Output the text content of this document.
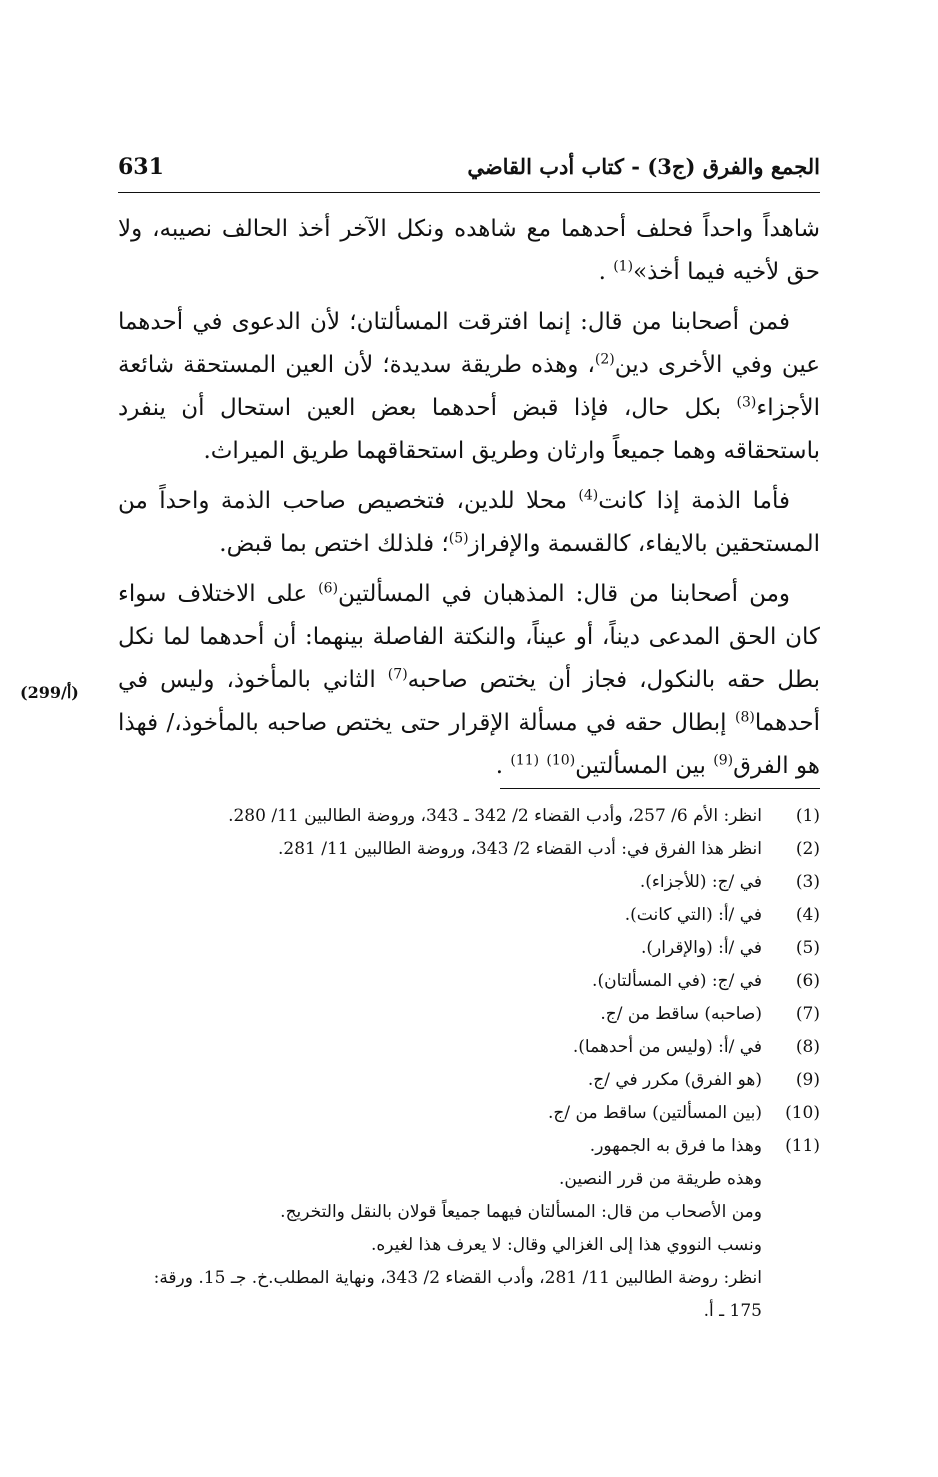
الجمع والفرق (ج3) - كتاب أدب القاضي
631

شاهداً واحداً فحلف أحدهما مع شاهده ونكل الآخر أخذ الحالف نصيبه، ولا حق لأخيه فيما أخذ»$^{(1)}$ .

فمن أصحابنا من قال: إنما افترقت المسألتان؛ لأن الدعوى في أحدهما عين وفي الأخرى دين$^{(2)}$، وهذه طريقة سديدة؛ لأن العين المستحقة شائعة الأجزاء$^{(3)}$ بكل حال، فإذا قبض أحدهما بعض العين استحال أن ينفرد باستحقاقه وهما جميعاً وارثان وطريق استحقاقهما طريق الميراث.

فأما الذمة إذا كانت$^{(4)}$ محلا للدين، فتخصيص صاحب الذمة واحداً من المستحقين بالايفاء، كالقسمة والإفراز$^{(5)}$؛ فلذلك اختص بما قبض.

ومن أصحابنا من قال: المذهبان في المسألتين$^{(6)}$ على الاختلاف سواء كان الحق المدعى ديناً، أو عيناً، والنكتة الفاصلة بينهما: أن أحدهما لما نكل بطل حقه بالنكول، فجاز أن يختص صاحبه$^{(7)}$ الثاني بالمأخوذ، وليس في أحدهما$^{(8)}$ إبطال حقه في مسألة الإقرار حتى يختص صاحبه بالمأخوذ،/ فهذا هو الفرق$^{(9)}$ بين المسألتين$^{(10)}$ $^{(11)}$ .

(299/أ)
(1)
انظر: الأم 6/ 257، وأدب القضاء 2/ 342 ـ 343، وروضة الطالبين 11/ 280.
(2)
انظر هذا الفرق في: أدب القضاء 2/ 343، وروضة الطالبين 11/ 281.
(3)
في /ج: (للأجزاء).
(4)
في /أ: (التي كانت).
(5)
في /أ: (والإقرار).
(6)
في /ج: (في المسألتان).
(7)
(صاحبه) ساقط من /ج.
(8)
في /أ: (وليس من أحدهما).
(9)
(هو الفرق) مكرر في /ج.
(10)
(بين المسألتين) ساقط من /ج.
(11)
وهذا ما فرق به الجمهور.
وهذه طريقة من قرر النصين.
ومن الأصحاب من قال: المسألتان فيهما جميعاً قولان بالنقل والتخريج.
ونسب النووي هذا إلى الغزالي وقال: لا يعرف هذا لغيره.
انظر: روضة الطالبين 11/ 281، وأدب القضاء 2/ 343، ونهاية المطلب.خ. جـ 15. ورقة: 175 ـ أ.
